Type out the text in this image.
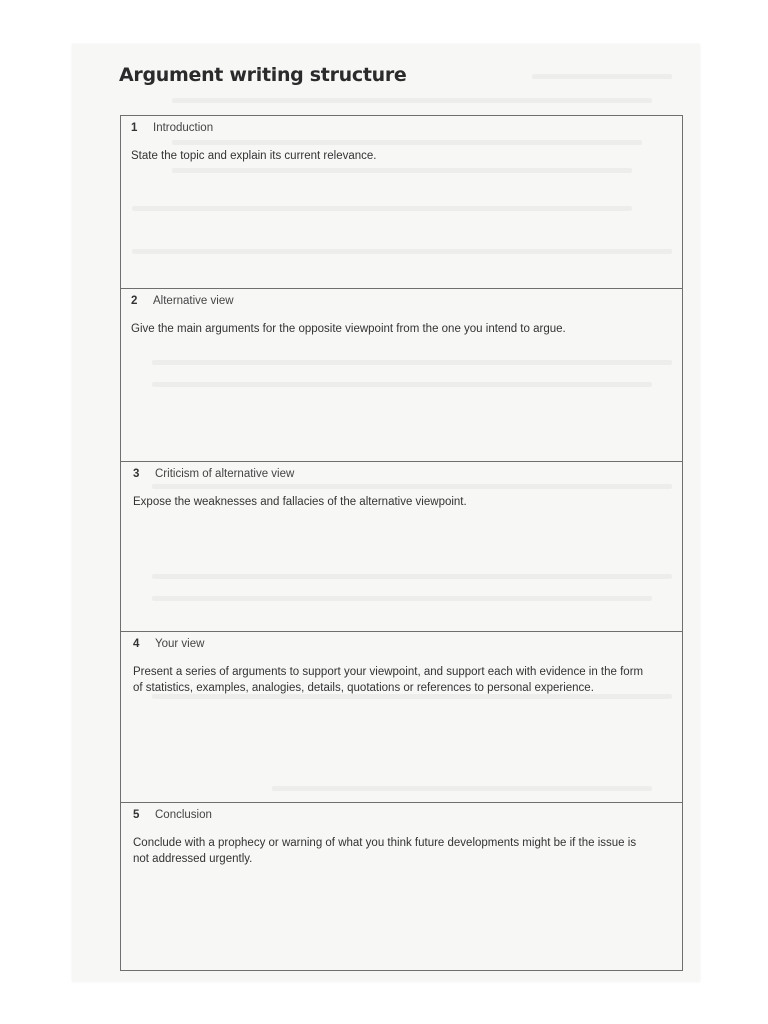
Argument writing structure
1 Introduction
State the topic and explain its current relevance.
2 Alternative view
Give the main arguments for the opposite viewpoint from the one you intend to argue.
3 Criticism of alternative view
Expose the weaknesses and fallacies of the alternative viewpoint.
4 Your view
Present a series of arguments to support your viewpoint, and support each with evidence in the form of statistics, examples, analogies, details, quotations or references to personal experience.
5 Conclusion
Conclude with a prophecy or warning of what you think future developments might be if the issue is not addressed urgently.
